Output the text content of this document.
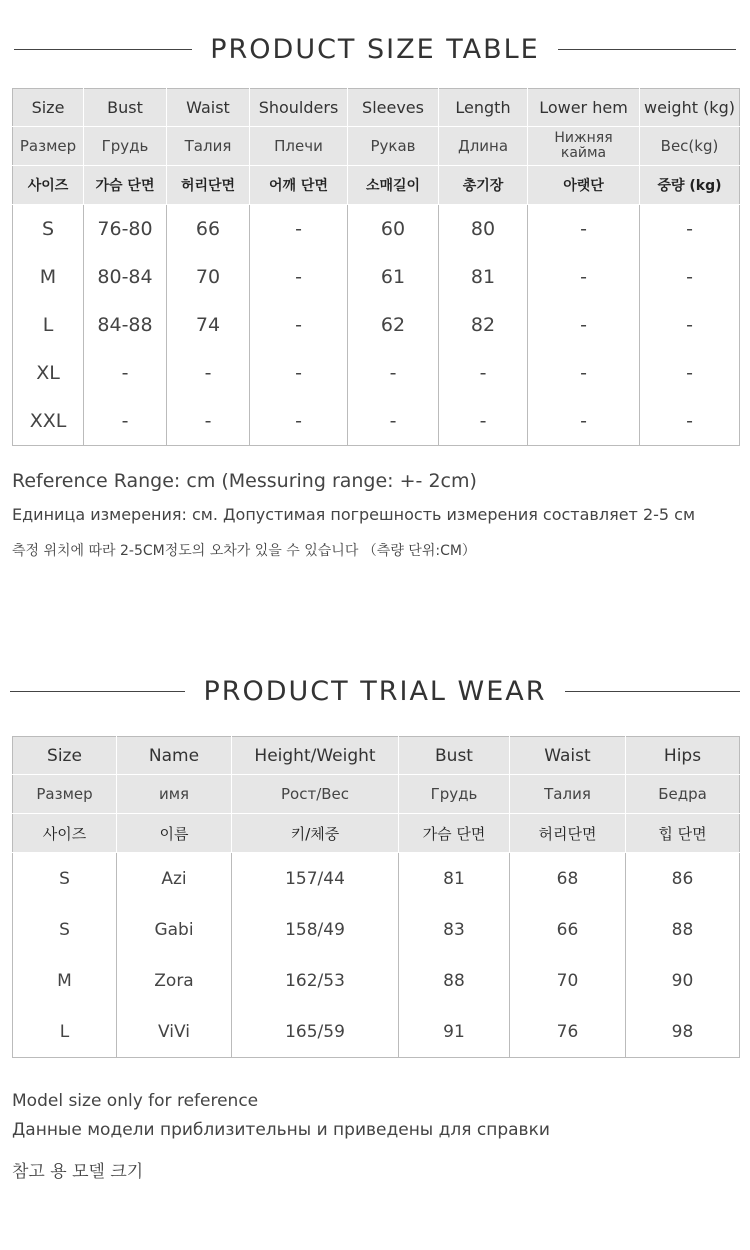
PRODUCT SIZE TABLE
Size	Bust	Waist	Shoulders	Sleeves	Length	Lower hem	weight (kg)
Размер	Грудь	Талия	Плечи	Рукав	Длина	Нижняя кайма	Вес(kg)
사이즈	가슴 단면	허리단면	어깨 단면	소매길이	총기장	아랫단	중량 (kg)
S	76-80	66	-	60	80	-	-
M	80-84	70	-	61	81	-	-
L	84-88	74	-	62	82	-	-
XL	-	-	-	-	-	-	-
XXL	-	-	-	-	-	-	-
Reference Range: cm (Messuring range: +- 2cm)
Единица измерения: см. Допустимая погрешность измерения составляет 2-5 см
측정 위치에 따라 2-5CM정도의 오차가 있을 수 있습니다 （측량 단위:CM）
PRODUCT TRIAL WEAR
Size	Name	Height/Weight	Bust	Waist	Hips
Размер	имя	Рост/Вес	Грудь	Талия	Бедра
사이즈	이름	키/체중	가슴 단면	허리단면	힙 단면
S	Azi	157/44	81	68	86
S	Gabi	158/49	83	66	88
M	Zora	162/53	88	70	90
L	ViVi	165/59	91	76	98
Model size only for reference
Данные модели приблизительны и приведены для справки
참고 용 모델 크기
